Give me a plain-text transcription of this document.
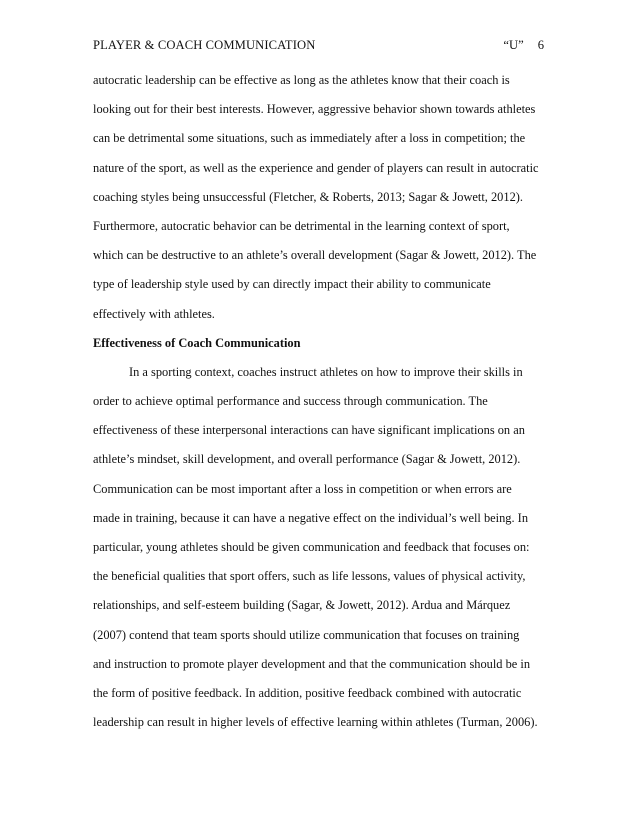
PLAYER & COACH COMMUNICATION	“U” 6
autocratic leadership can be effective as long as the athletes know that their coach is
looking out for their best interests. However, aggressive behavior shown towards athletes
can be detrimental some situations, such as immediately after a loss in competition; the
nature of the sport, as well as the experience and gender of players can result in autocratic
coaching styles being unsuccessful (Fletcher, & Roberts, 2013; Sagar & Jowett, 2012).
Furthermore, autocratic behavior can be detrimental in the learning context of sport,
which can be destructive to an athlete’s overall development (Sagar & Jowett, 2012). The
type of leadership style used by can directly impact their ability to communicate
effectively with athletes.
Effectiveness of Coach Communication
In a sporting context, coaches instruct athletes on how to improve their skills in
order to achieve optimal performance and success through communication. The
effectiveness of these interpersonal interactions can have significant implications on an
athlete’s mindset, skill development, and overall performance (Sagar & Jowett, 2012).
Communication can be most important after a loss in competition or when errors are
made in training, because it can have a negative effect on the individual’s well being. In
particular, young athletes should be given communication and feedback that focuses on:
the beneficial qualities that sport offers, such as life lessons, values of physical activity,
relationships, and self-esteem building (Sagar, & Jowett, 2012). Ardua and Márquez
(2007) contend that team sports should utilize communication that focuses on training
and instruction to promote player development and that the communication should be in
the form of positive feedback. In addition, positive feedback combined with autocratic
leadership can result in higher levels of effective learning within athletes (Turman, 2006).
